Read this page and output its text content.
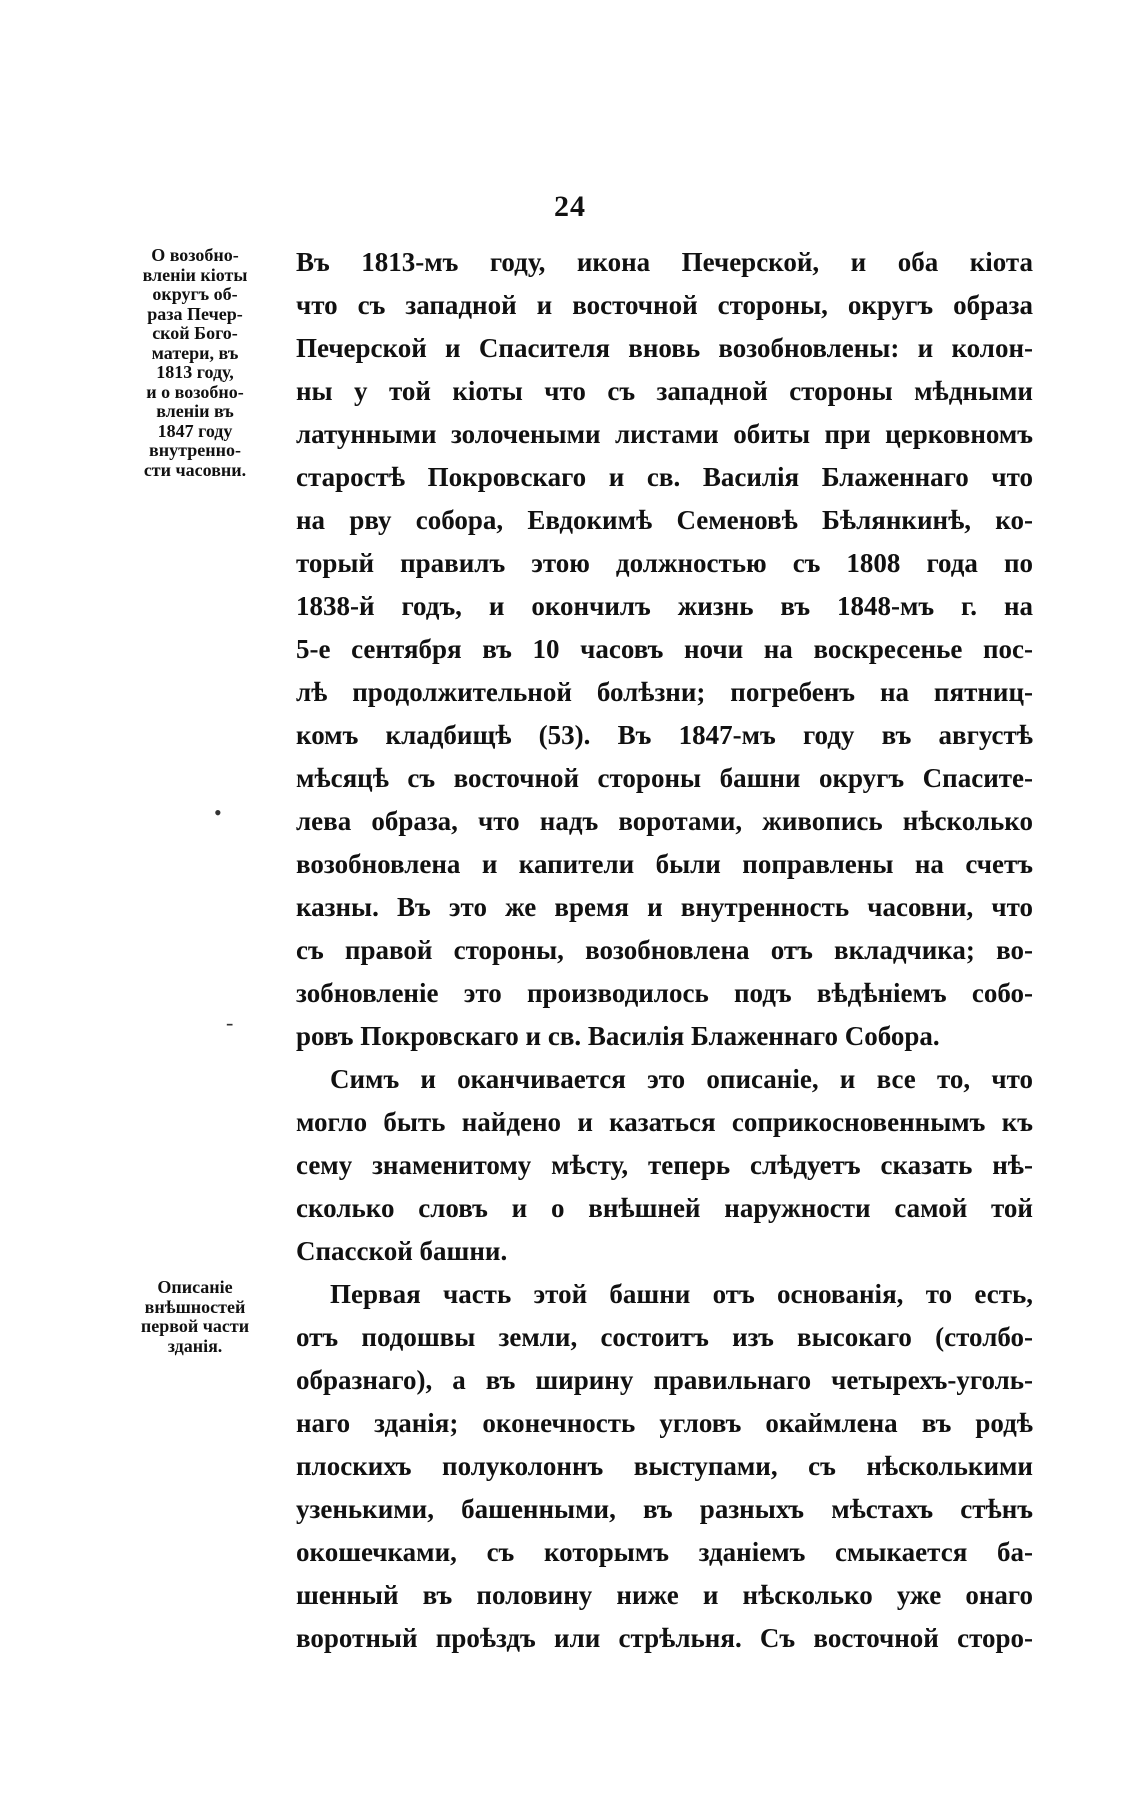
24
О возобно-
вленіи кіоты
округъ об-
раза Печер-
ской Бого-
матери, въ
1813 году,
и о возобно-
вленіи въ
1847 году
внутренно-
сти часовни.
Описаніе
внѣшностей
первой части
зданія.
Въ 1813-мъ году, икона Печерской, и оба кіота
что съ западной и восточной стороны, округъ образа
Печерской и Спасителя вновь возобновлены: и колон-
ны у той кіоты что съ западной стороны мѣдными
латунными золочеными листами обиты при церковномъ
старостѣ Покровскаго и св. Василія Блаженнаго что
на рву собора, Евдокимѣ Семеновѣ Бѣлянкинѣ, ко-
торый правилъ этою должностью съ 1808 года по
1838-й годъ, и окончилъ жизнь въ 1848-мъ г. на
5-е сентября въ 10 часовъ ночи на воскресенье пос-
лѣ продолжительной болѣзни; погребенъ на пятниц-
комъ кладбищѣ (53). Въ 1847-мъ году въ августѣ
мѣсяцѣ съ восточной стороны башни округъ Спасите-
лева образа, что надъ воротами, живопись нѣсколько
возобновлена и капители были поправлены на счетъ
казны. Въ это же время и внутренность часовни, что
съ правой стороны, возобновлена отъ вкладчика; во-
зобновленіе это производилось подъ вѣдѣніемъ собо-
ровъ Покровскаго и св. Василія Блаженнаго Собора.
Симъ и оканчивается это описаніе, и все то, что
могло быть найдено и казаться соприкосновеннымъ къ
сему знаменитому мѣсту, теперь слѣдуетъ сказать нѣ-
сколько словъ и о внѣшней наружности самой той
Спасской башни.
Первая часть этой башни отъ основанія, то есть,
отъ подошвы земли, состоитъ изъ высокаго (столбо-
образнаго), а въ ширину правильнаго четырехъ-уголь-
наго зданія; оконечность угловъ окаймлена въ родѣ
плоскихъ полуколоннъ выступами, съ нѣсколькими
узенькими, башенными, въ разныхъ мѣстахъ стѣнъ
окошечками, съ которымъ зданіемъ смыкается ба-
шенный въ половину ниже и нѣсколько уже онаго
воротный проѣздъ или стрѣльня. Съ восточной сторо-
•
-
